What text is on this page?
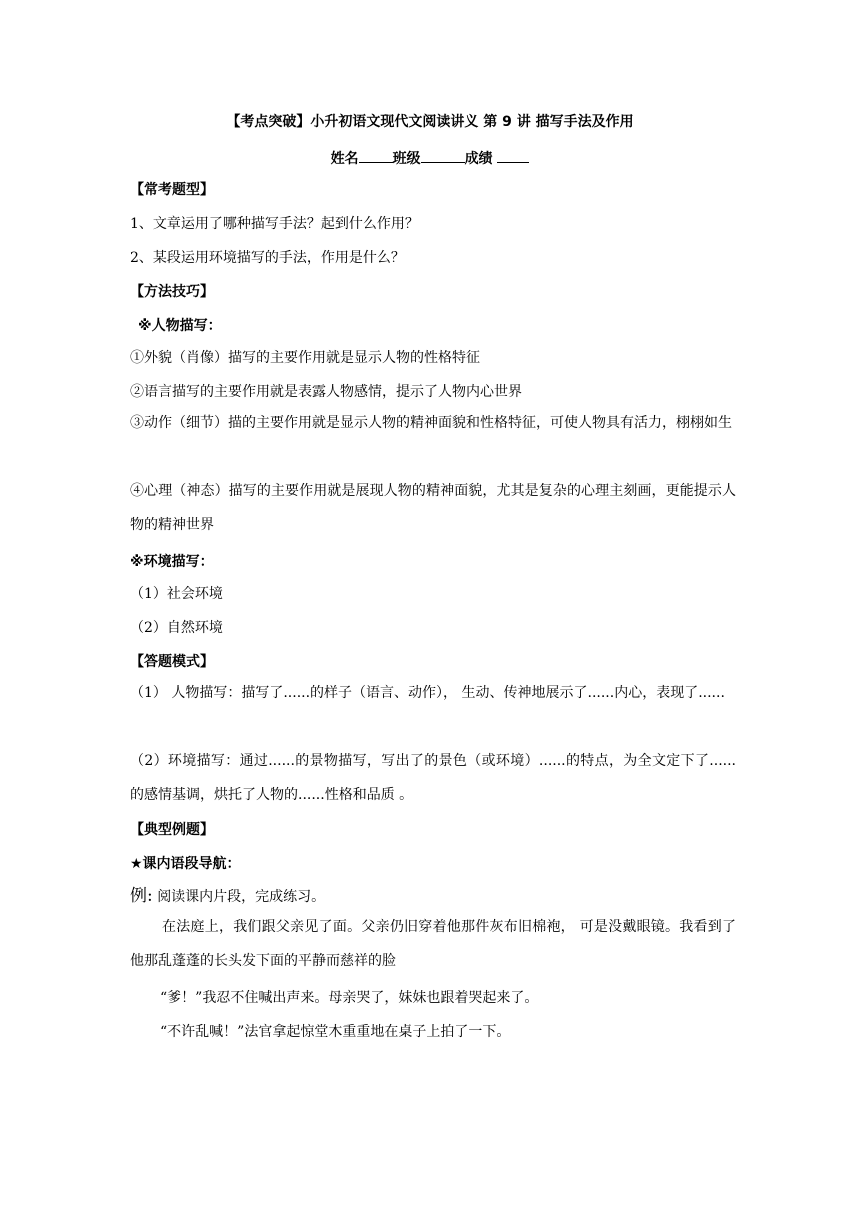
【考点突破】小升初语文现代文阅读讲义 第 9 讲 描写手法及作用
姓名 班级	成绩
【常考题型】
1、文章运用了哪种描写手法？起到什么作用？
2、某段运用环境描写的手法，作用是什么？
【方法技巧】
※人物描写：
①外貌（肖像）描写的主要作用就是显示人物的性格特征
②语言描写的主要作用就是表露人物感情，提示了人物内心世界
③动作（细节）描的主要作用就是显示人物的精神面貌和性格特征，可使人物具有活力，栩栩如生
④心理（神态）描写的主要作用就是展现人物的精神面貌，尤其是复杂的心理主刻画，更能提示人物的精神世界
※环境描写：
（1）社会环境
（2）自然环境
【答题模式】
（1） 人物描写：描写了......的样子（语言、动作）， 生动、传神地展示了......内心，表现了......
（2）环境描写：通过......的景物描写，写出了的景色（或环境）......的特点，为全文定下了......的感情基调，烘托了人物的......性格和品质 。
【典型例题】
★课内语段导航：
例: 阅读课内片段，完成练习。
在法庭上，我们跟父亲见了面。父亲仍旧穿着他那件灰布旧棉袍， 可是没戴眼镜。我看到了他那乱蓬蓬的长头发下面的平静而慈祥的脸
“爹！”我忍不住喊出声来。母亲哭了，妹妹也跟着哭起来了。
“不许乱喊！”法官拿起惊堂木重重地在桌子上拍了一下。
